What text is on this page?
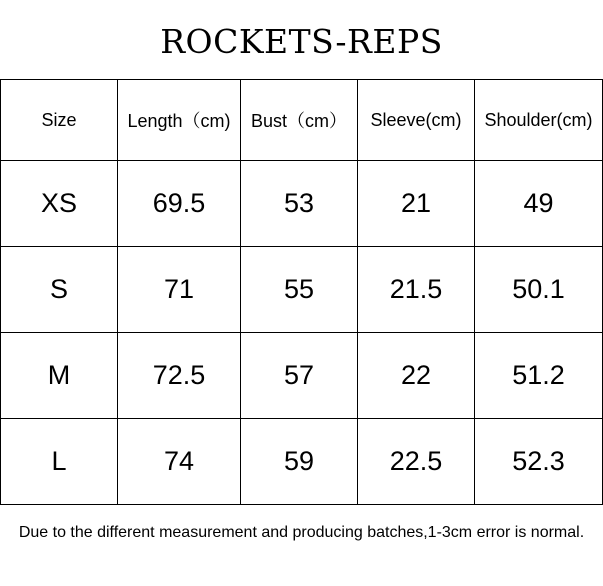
ROCKETS-REPS
Size	Length（cm)	Bust（cm）	Sleeve(cm)	Shoulder(cm)
XS	69.5	53	21	49
S	71	55	21.5	50.1
M	72.5	57	22	51.2
L	74	59	22.5	52.3
Due to the different measurement and producing batches,1-3cm error is normal.
